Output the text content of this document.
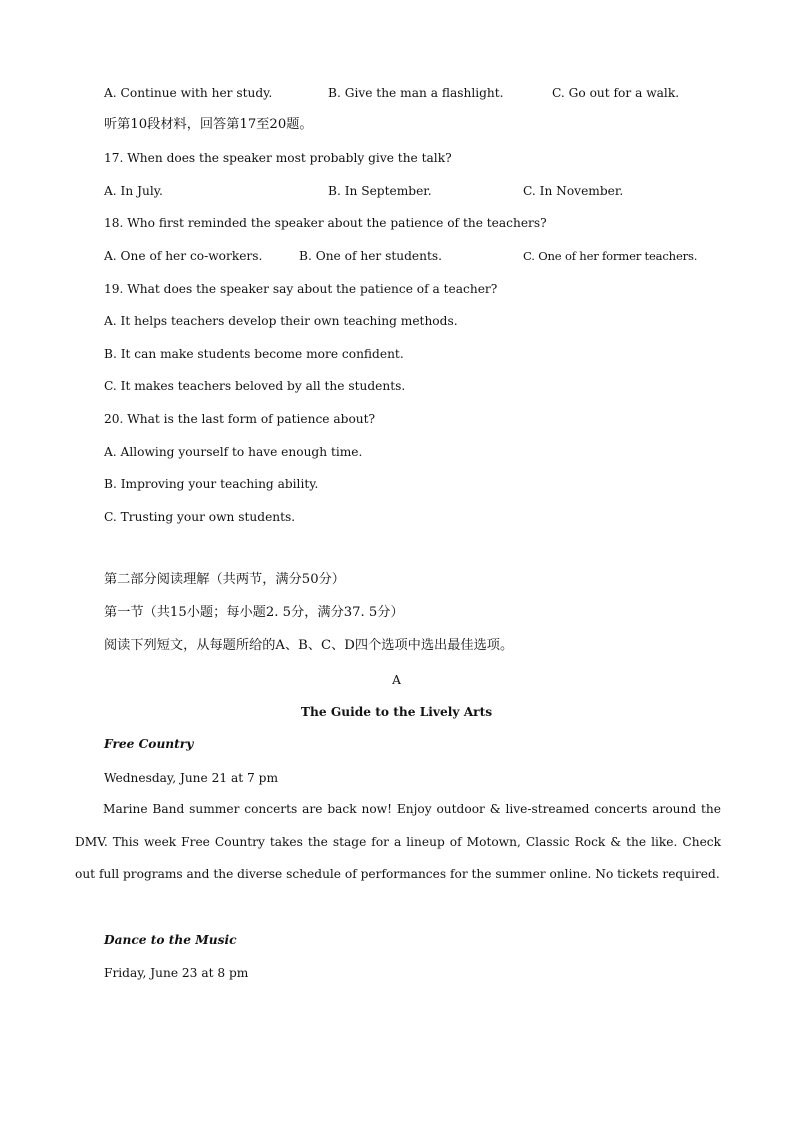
A. Continue with her study.	B. Give the man a flashlight.	C. Go out for a walk.
听第10段材料，回答第17至20题。
17. When does the speaker most probably give the talk?
A. In July.	B. In September.	C. In November.
18. Who first reminded the speaker about the patience of the teachers?
A. One of her co-workers.	B. One of her students.	C. One of her former teachers.
19. What does the speaker say about the patience of a teacher?
A. It helps teachers develop their own teaching methods.
B. It can make students become more confident.
C. It makes teachers beloved by all the students.
20. What is the last form of patience about?
A. Allowing yourself to have enough time.
B. Improving your teaching ability.
C. Trusting your own students.
第二部分阅读理解（共两节，满分50分）
第一节（共15小题；每小题2. 5分，满分37. 5分）
阅读下列短文，从每题所给的A、B、C、D四个选项中选出最佳选项。
A
The Guide to the Lively Arts
Free Country
Wednesday, June 21 at 7 pm
Marine Band summer concerts are back now! Enjoy outdoor & live-streamed concerts around the DMV. This week Free Country takes the stage for a lineup of Motown, Classic Rock & the like. Check out full programs and the diverse schedule of performances for the summer online. No tickets required.
Dance to the Music
Friday, June 23 at 8 pm
